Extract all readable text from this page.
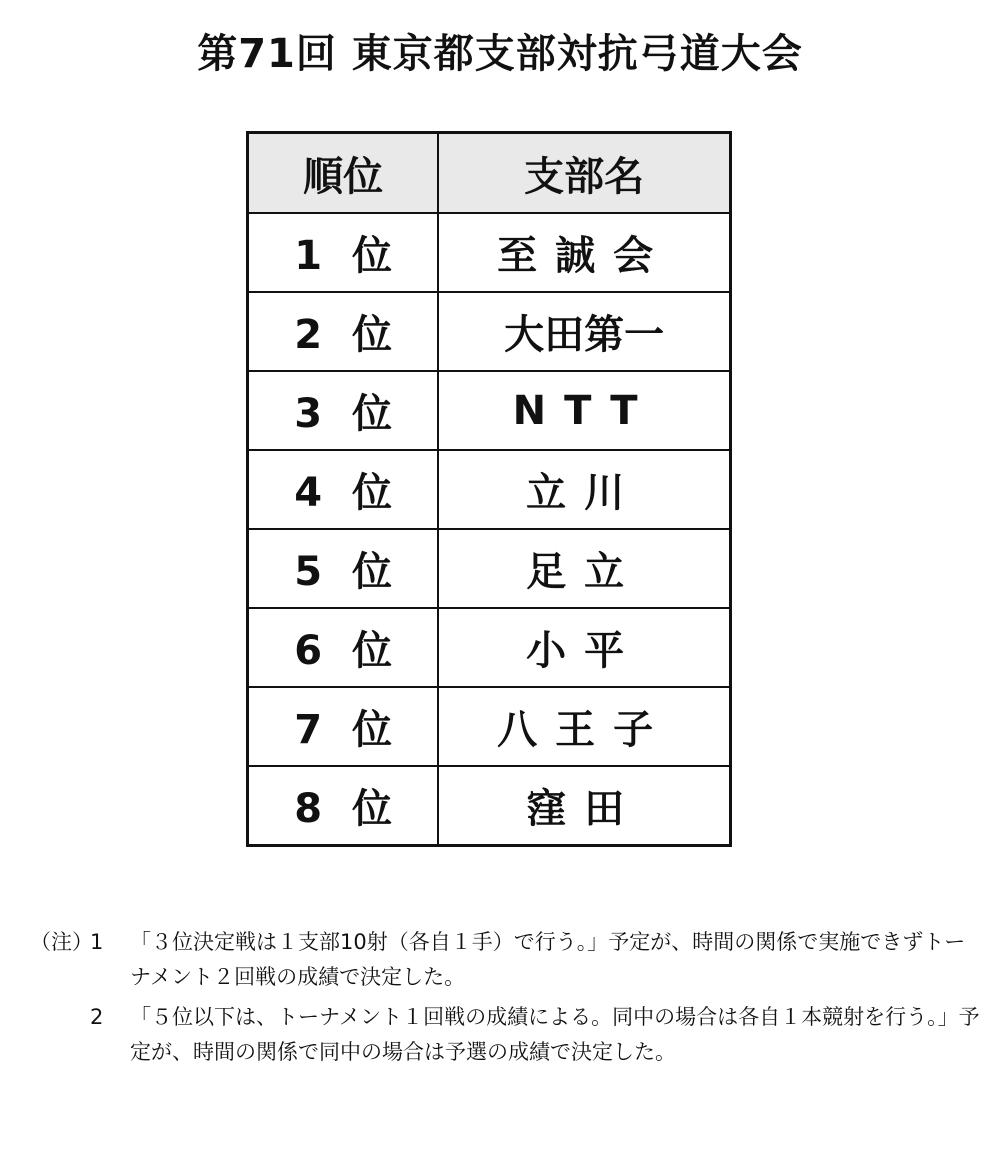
第71回 東京都支部対抗弓道大会
順位	支部名
1 位	至誠会
2 位	大田第一
3 位	NTT
4 位	立川
5 位	足立
6 位	小平
7 位	八王子
8 位	窪田
（注）
1	「３位決定戦は１支部10射（各自１手）で行う。」予定が、時間の関係で実施できずトーナメント２回戦の成績で決定した。
2	「５位以下は、トーナメント１回戦の成績による。同中の場合は各自１本競射を行う。」予定が、時間の関係で同中の場合は予選の成績で決定した。
